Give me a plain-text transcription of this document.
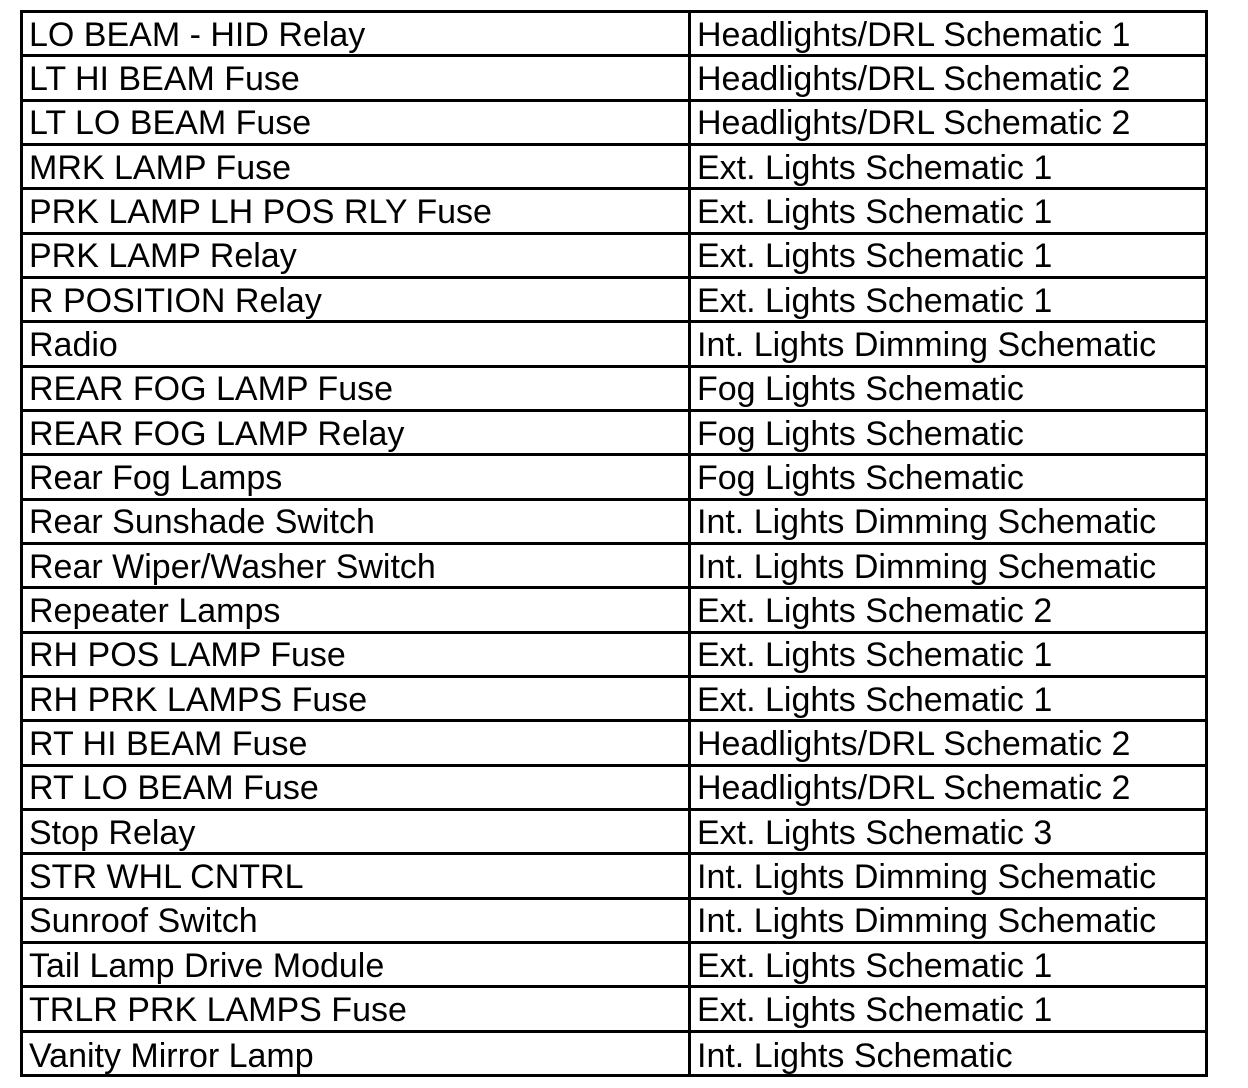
LO BEAM - HID Relay	Headlights/DRL Schematic 1
LT HI BEAM Fuse	Headlights/DRL Schematic 2
LT LO BEAM Fuse	Headlights/DRL Schematic 2
MRK LAMP Fuse	Ext. Lights Schematic 1
PRK LAMP LH POS RLY Fuse	Ext. Lights Schematic 1
PRK LAMP Relay	Ext. Lights Schematic 1
R POSITION Relay	Ext. Lights Schematic 1
Radio	Int. Lights Dimming Schematic
REAR FOG LAMP Fuse	Fog Lights Schematic
REAR FOG LAMP Relay	Fog Lights Schematic
Rear Fog Lamps	Fog Lights Schematic
Rear Sunshade Switch	Int. Lights Dimming Schematic
Rear Wiper/Washer Switch	Int. Lights Dimming Schematic
Repeater Lamps	Ext. Lights Schematic 2
RH POS LAMP Fuse	Ext. Lights Schematic 1
RH PRK LAMPS Fuse	Ext. Lights Schematic 1
RT HI BEAM Fuse	Headlights/DRL Schematic 2
RT LO BEAM Fuse	Headlights/DRL Schematic 2
Stop Relay	Ext. Lights Schematic 3
STR WHL CNTRL	Int. Lights Dimming Schematic
Sunroof Switch	Int. Lights Dimming Schematic
Tail Lamp Drive Module	Ext. Lights Schematic 1
TRLR PRK LAMPS Fuse	Ext. Lights Schematic 1
Vanity Mirror Lamp	Int. Lights Schematic
